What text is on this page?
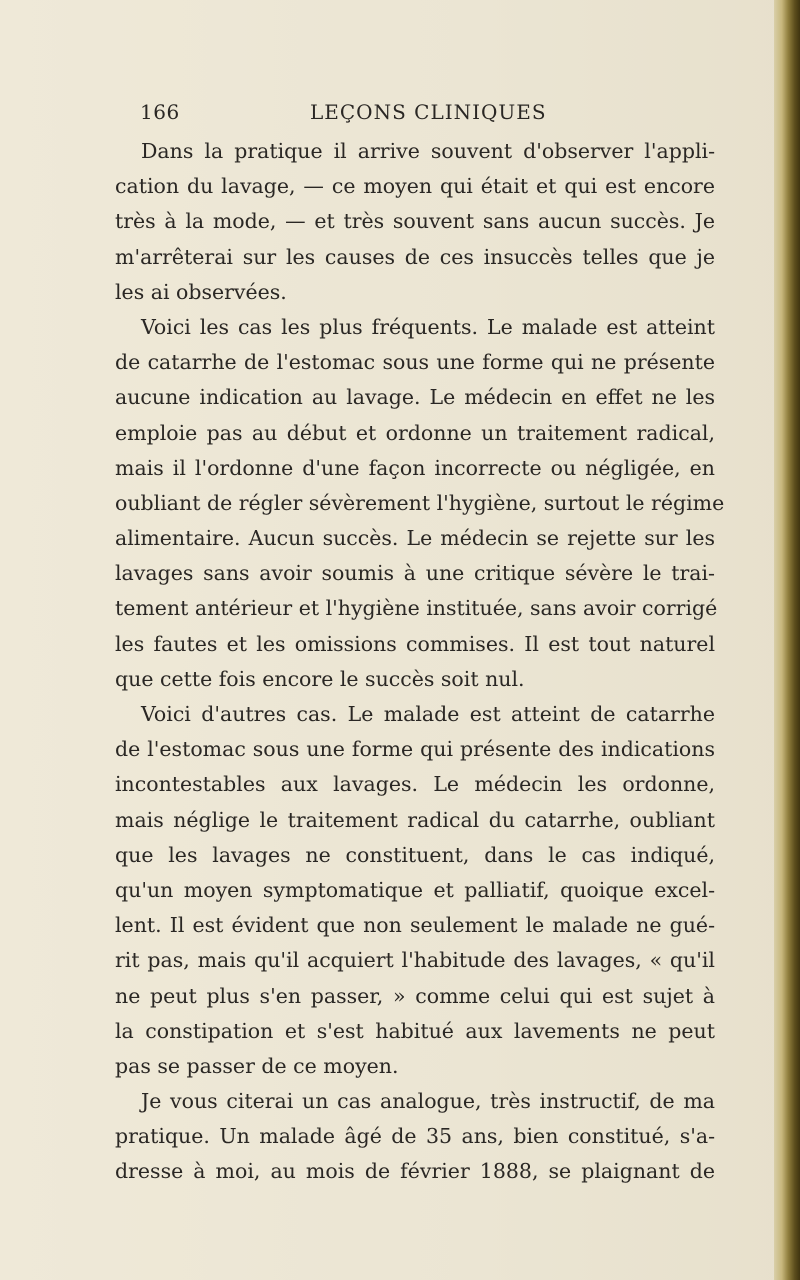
166	LEÇONS CLINIQUES
Dans la pratique il arrive souvent d'observer l'appli-
cation du lavage, — ce moyen qui était et qui est encore
très à la mode, — et très souvent sans aucun succès. Je
m'arrêterai sur les causes de ces insuccès telles que je
les ai observées.
Voici les cas les plus fréquents. Le malade est atteint
de catarrhe de l'estomac sous une forme qui ne présente
aucune indication au lavage. Le médecin en effet ne les
emploie pas au début et ordonne un traitement radical,
mais il l'ordonne d'une façon incorrecte ou négligée, en
oubliant de régler sévèrement l'hygiène, surtout le régime
alimentaire. Aucun succès. Le médecin se rejette sur les
lavages sans avoir soumis à une critique sévère le trai-
tement antérieur et l'hygiène instituée, sans avoir corrigé
les fautes et les omissions commises. Il est tout naturel
que cette fois encore le succès soit nul.
Voici d'autres cas. Le malade est atteint de catarrhe
de l'estomac sous une forme qui présente des indications
incontestables aux lavages. Le médecin les ordonne,
mais néglige le traitement radical du catarrhe, oubliant
que les lavages ne constituent, dans le cas indiqué,
qu'un moyen symptomatique et palliatif, quoique excel-
lent. Il est évident que non seulement le malade ne gué-
rit pas, mais qu'il acquiert l'habitude des lavages, « qu'il
ne peut plus s'en passer, » comme celui qui est sujet à
la constipation et s'est habitué aux lavements ne peut
pas se passer de ce moyen.
Je vous citerai un cas analogue, très instructif, de ma
pratique. Un malade âgé de 35 ans, bien constitué, s'a-
dresse à moi, au mois de février 1888, se plaignant de
